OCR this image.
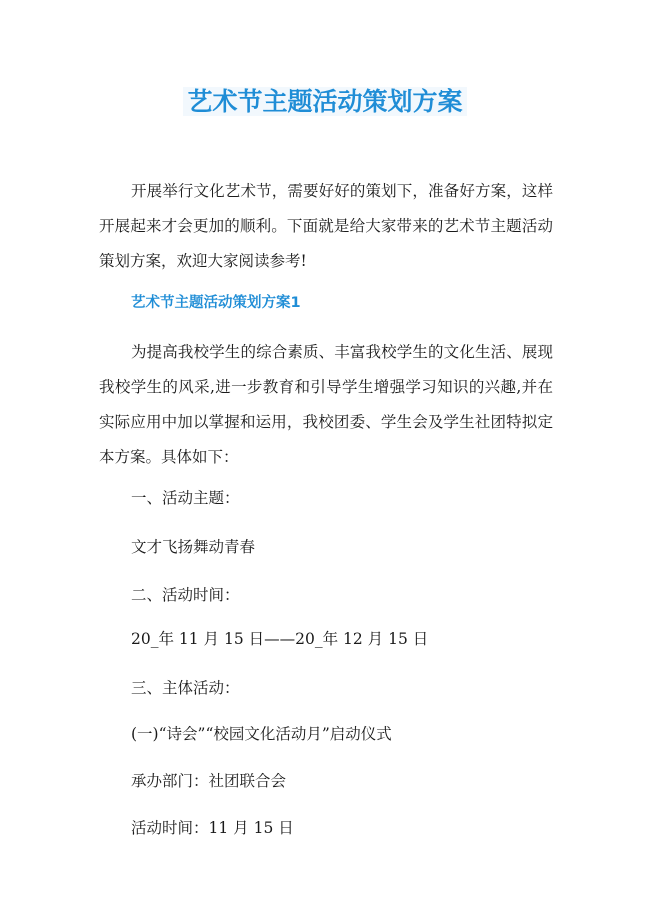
艺术节主题活动策划方案

开展举行文化艺术节，需要好好的策划下，准备好方案，这样开展起来才会更加的顺利。下面就是给大家带来的艺术节主题活动策划方案，欢迎大家阅读参考!

艺术节主题活动策划方案1

为提高我校学生的综合素质、丰富我校学生的文化生活、展现我校学生的风采,进一步教育和引导学生增强学习知识的兴趣,并在实际应用中加以掌握和运用，我校团委、学生会及学生社团特拟定本方案。具体如下：

一、活动主题：

文才飞扬舞动青春

二、活动时间：

20_年 11 月 15 日——20_年 12 月 15 日

三、主体活动：

(一)“诗会”“校园文化活动月”启动仪式

承办部门：社团联合会

活动时间：11 月 15 日
